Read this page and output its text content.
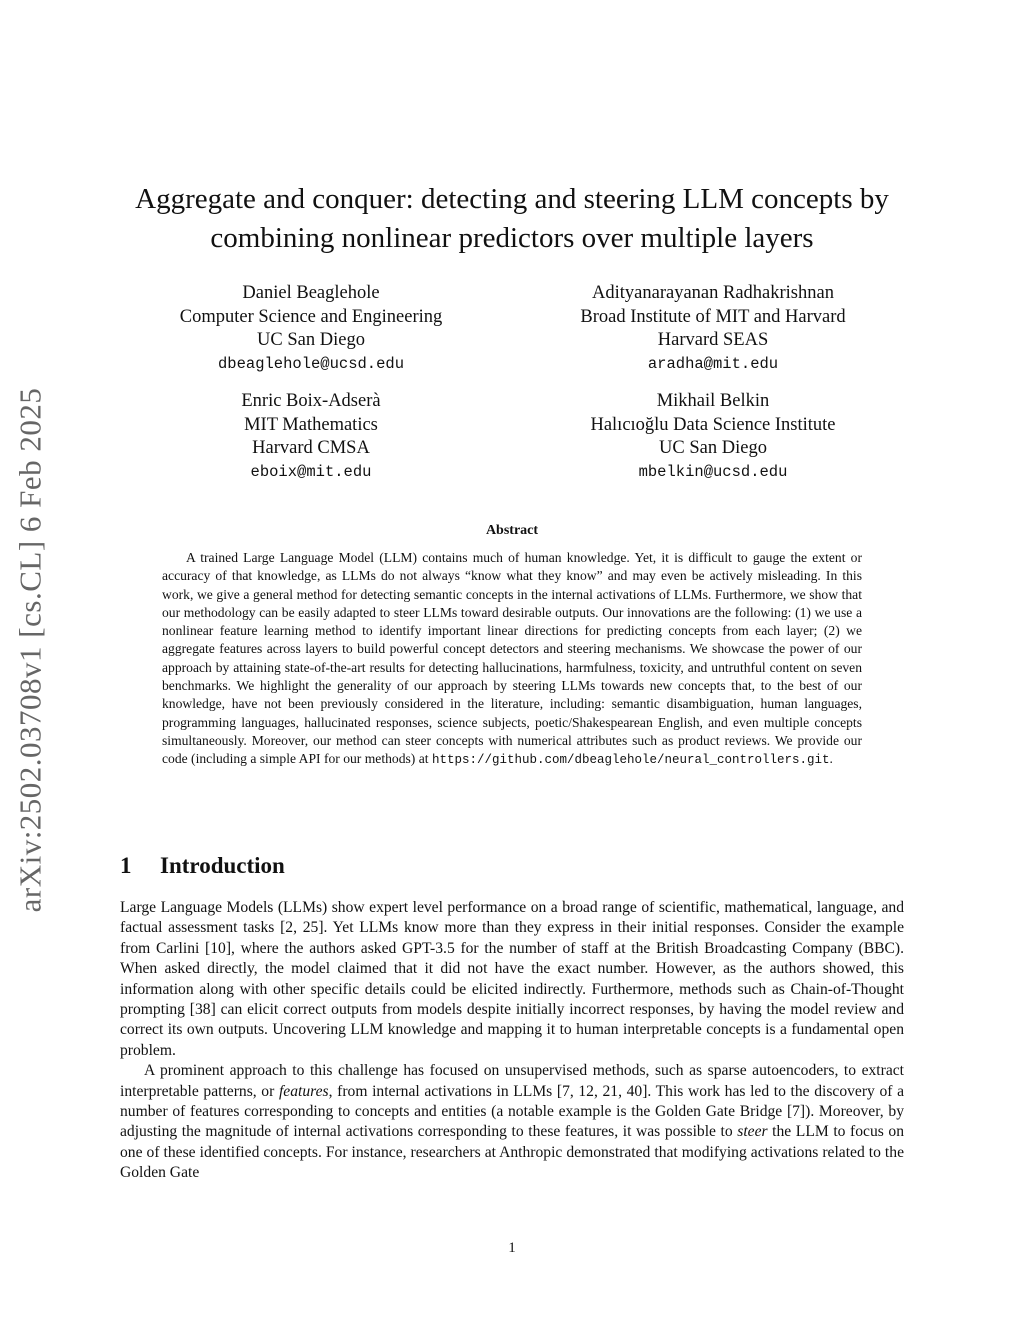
arXiv:2502.03708v1 [cs.CL] 6 Feb 2025
Aggregate and conquer: detecting and steering LLM concepts by combining nonlinear predictors over multiple layers
Daniel Beaglehole
Computer Science and Engineering
UC San Diego
dbeaglehole@ucsd.edu
Adityanarayanan Radhakrishnan
Broad Institute of MIT and Harvard
Harvard SEAS
aradha@mit.edu
Enric Boix-Adserà
MIT Mathematics
Harvard CMSA
eboix@mit.edu
Mikhail Belkin
Halıcıoğlu Data Science Institute
UC San Diego
mbelkin@ucsd.edu
Abstract

A trained Large Language Model (LLM) contains much of human knowledge. Yet, it is difficult to gauge the extent or accuracy of that knowledge, as LLMs do not always “know what they know” and may even be actively misleading. In this work, we give a general method for detecting semantic concepts in the internal activations of LLMs. Furthermore, we show that our methodology can be easily adapted to steer LLMs toward desirable outputs. Our innovations are the following: (1) we use a nonlinear feature learning method to identify important linear directions for predicting concepts from each layer; (2) we aggregate features across layers to build powerful concept detectors and steering mechanisms. We showcase the power of our approach by attaining state-of-the-art results for detecting hallucinations, harmfulness, toxicity, and untruthful content on seven benchmarks. We highlight the generality of our approach by steering LLMs towards new concepts that, to the best of our knowledge, have not been previously considered in the literature, including: semantic disambiguation, human languages, programming languages, hallucinated responses, science subjects, poetic/Shakespearean English, and even multiple concepts simultaneously. Moreover, our method can steer concepts with numerical attributes such as product reviews. We provide our code (including a simple API for our methods) at https://github.com/dbeaglehole/neural_controllers.git.

1 Introduction

Large Language Models (LLMs) show expert level performance on a broad range of scientific, mathematical, language, and factual assessment tasks [2, 25]. Yet LLMs know more than they express in their initial responses. Consider the example from Carlini [10], where the authors asked GPT-3.5 for the number of staff at the British Broadcasting Company (BBC). When asked directly, the model claimed that it did not have the exact number. However, as the authors showed, this information along with other specific details could be elicited indirectly. Furthermore, methods such as Chain-of-Thought prompting [38] can elicit correct outputs from models despite initially incorrect responses, by having the model review and correct its own outputs. Uncovering LLM knowledge and mapping it to human interpretable concepts is a fundamental open problem.

A prominent approach to this challenge has focused on unsupervised methods, such as sparse autoencoders, to extract interpretable patterns, or features, from internal activations in LLMs [7, 12, 21, 40]. This work has led to the discovery of a number of features corresponding to concepts and entities (a notable example is the Golden Gate Bridge [7]). Moreover, by adjusting the magnitude of internal activations corresponding to these features, it was possible to steer the LLM to focus on one of these identified concepts. For instance, researchers at Anthropic demonstrated that modifying activations related to the Golden Gate

1
